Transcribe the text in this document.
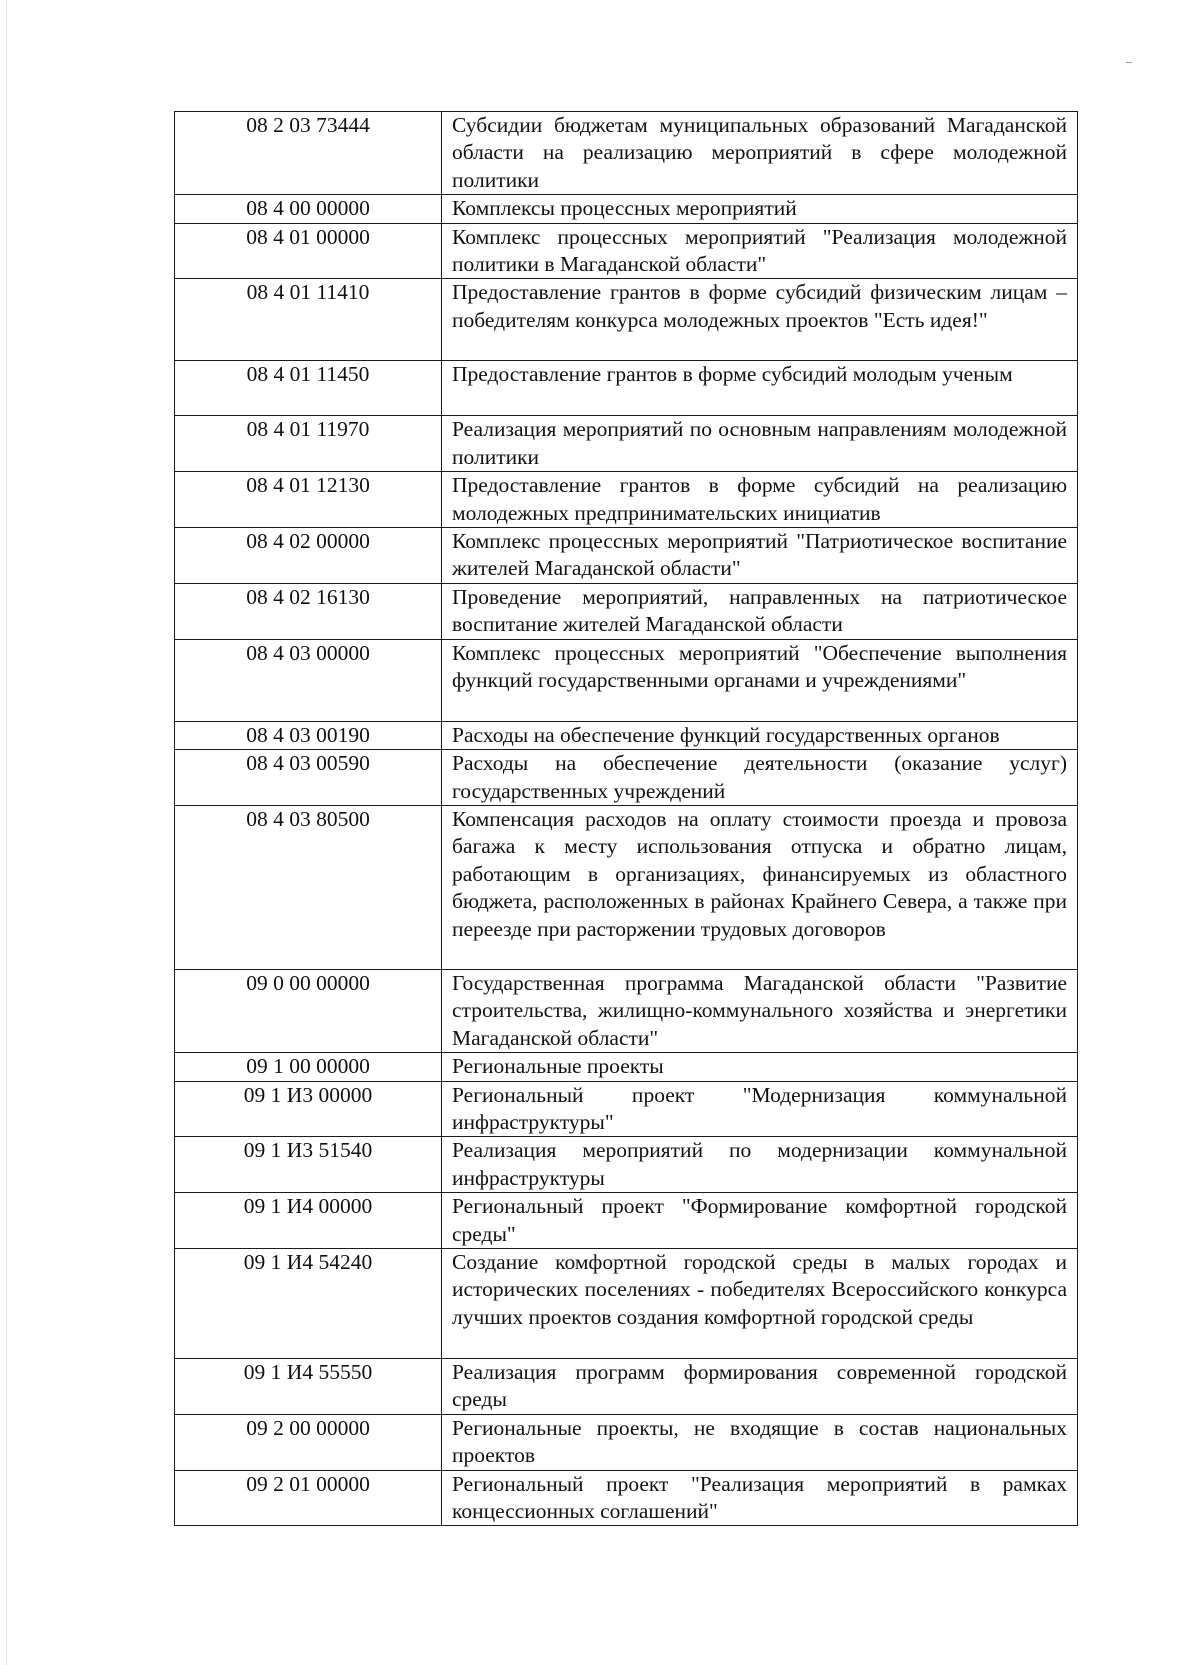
08 2 03 73444	Субсидии бюджетам муниципальных образований Магаданской области на реализацию мероприятий в сфере молодежной политики
08 4 00 00000	Комплексы процессных мероприятий
08 4 01 00000	Комплекс процессных мероприятий "Реализация молодежной политики в Магаданской области"
08 4 01 11410	Предоставление грантов в форме субсидий физическим лицам – победителям конкурса молодежных проектов "Есть идея!"
08 4 01 11450	Предоставление грантов в форме субсидий молодым ученым
08 4 01 11970	Реализация мероприятий по основным направлениям молодежной политики
08 4 01 12130	Предоставление грантов в форме субсидий на реализацию молодежных предпринимательских инициатив
08 4 02 00000	Комплекс процессных мероприятий "Патриотическое воспитание жителей Магаданской области"
08 4 02 16130	Проведение мероприятий, направленных на патриотическое воспитание жителей Магаданской области
08 4 03 00000	Комплекс процессных мероприятий "Обеспечение выполнения функций государственными органами и учреждениями"
08 4 03 00190	Расходы на обеспечение функций государственных органов
08 4 03 00590	Расходы на обеспечение деятельности (оказание услуг) государственных учреждений
08 4 03 80500	Компенсация расходов на оплату стоимости проезда и провоза багажа к месту использования отпуска и обратно лицам, работающим в организациях, финансируемых из областного бюджета, расположенных в районах Крайнего Севера, а также при переезде при расторжении трудовых договоров
09 0 00 00000	Государственная программа Магаданской области "Развитие строительства, жилищно-коммунального хозяйства и энергетики Магаданской области"
09 1 00 00000	Региональные проекты
09 1 И3 00000	Региональный проект "Модернизация коммунальной инфраструктуры"
09 1 И3 51540	Реализация мероприятий по модернизации коммунальной инфраструктуры
09 1 И4 00000	Региональный проект "Формирование комфортной городской среды"
09 1 И4 54240	Создание комфортной городской среды в малых городах и исторических поселениях - победителях Всероссийского конкурса лучших проектов создания комфортной городской среды
09 1 И4 55550	Реализация программ формирования современной городской среды
09 2 00 00000	Региональные проекты, не входящие в состав национальных проектов
09 2 01 00000	Региональный проект "Реализация мероприятий в рамках концессионных соглашений"
